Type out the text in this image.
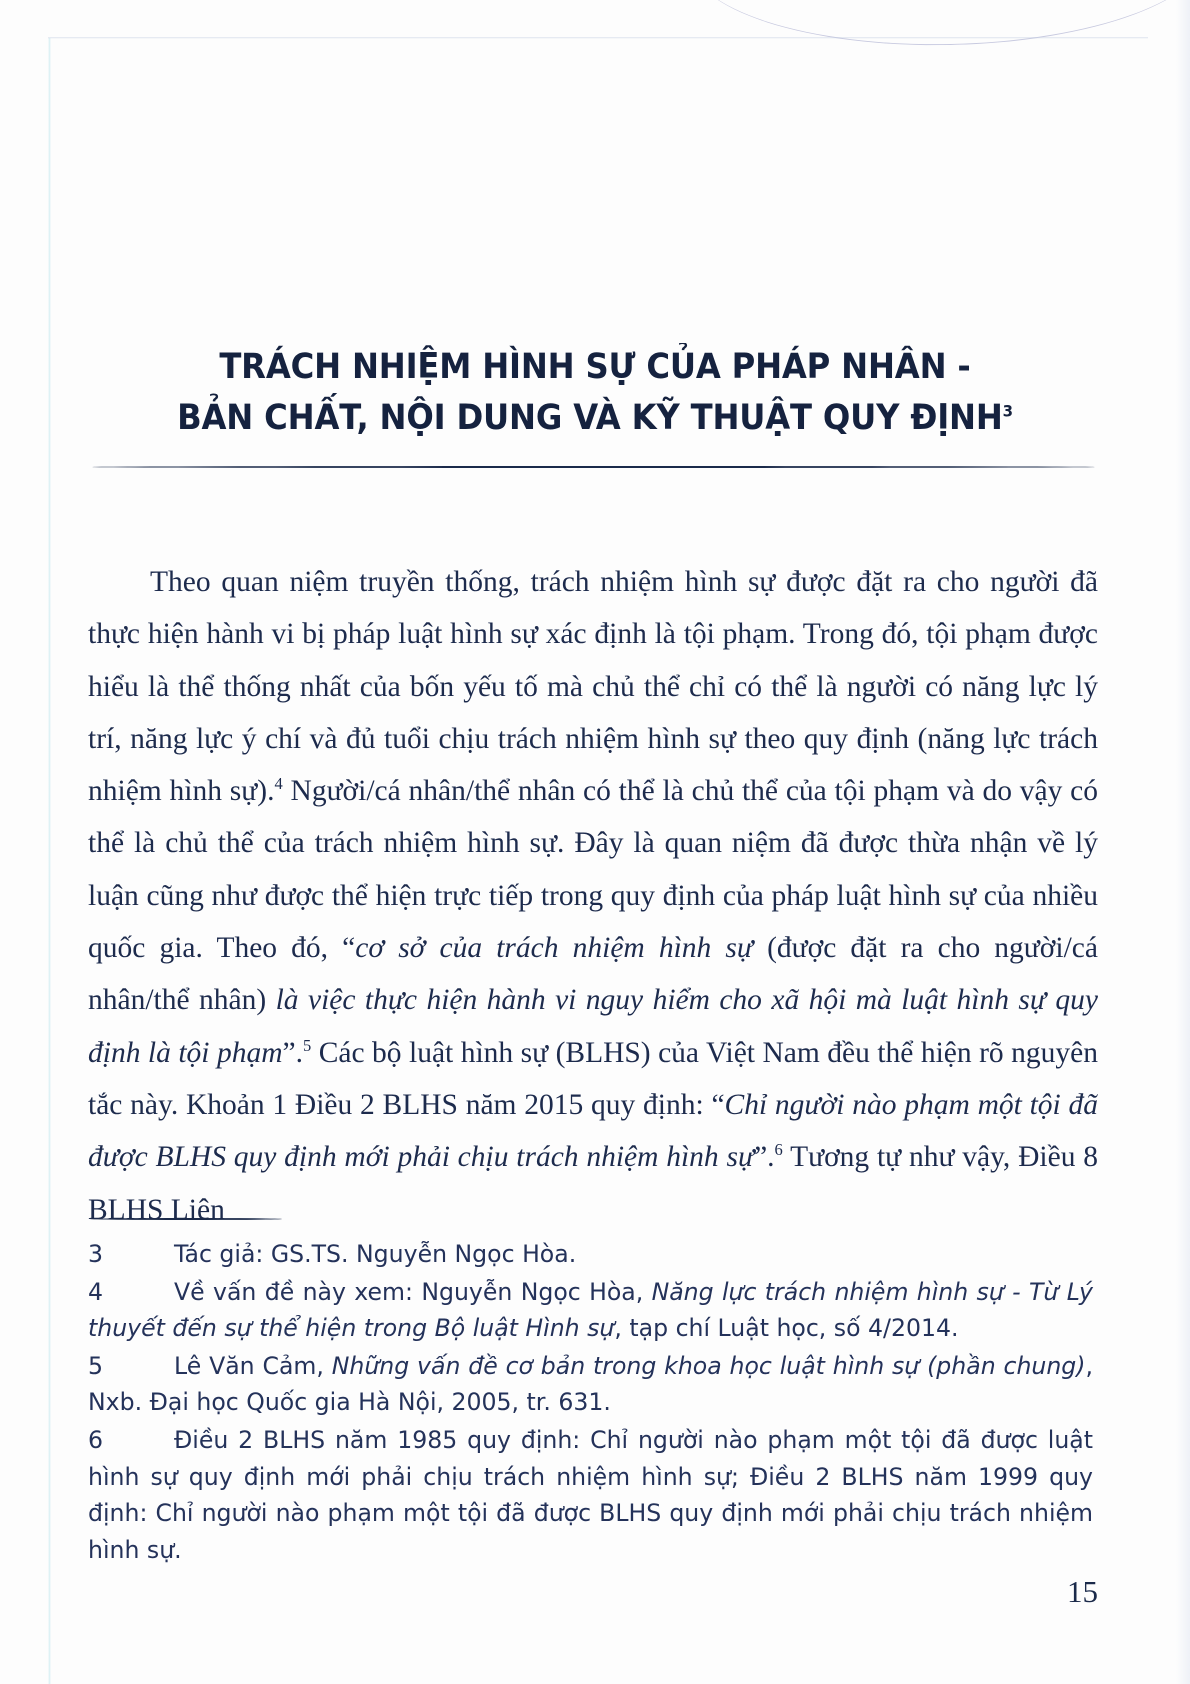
TRÁCH NHIỆM HÌNH SỰ CỦA PHÁP NHÂN -
BẢN CHẤT, NỘI DUNG VÀ KỸ THUẬT QUY ĐỊNH$^3$

Theo quan niệm truyền thống, trách nhiệm hình sự được đặt ra cho người đã thực hiện hành vi bị pháp luật hình sự xác định là tội phạm. Trong đó, tội phạm được hiểu là thể thống nhất của bốn yếu tố mà chủ thể chỉ có thể là người có năng lực lý trí, năng lực ý chí và đủ tuổi chịu trách nhiệm hình sự theo quy định (năng lực trách nhiệm hình sự).$^4$ Người/cá nhân/thể nhân có thể là chủ thể của tội phạm và do vậy có thể là chủ thể của trách nhiệm hình sự. Đây là quan niệm đã được thừa nhận về lý luận cũng như được thể hiện trực tiếp trong quy định của pháp luật hình sự của nhiều quốc gia. Theo đó, “cơ sở của trách nhiệm hình sự (được đặt ra cho người/cá nhân/thể nhân) là việc thực hiện hành vi nguy hiểm cho xã hội mà luật hình sự quy định là tội phạm”.$^5$ Các bộ luật hình sự (BLHS) của Việt Nam đều thể hiện rõ nguyên tắc này. Khoản 1 Điều 2 BLHS năm 2015 quy định: “Chỉ người nào phạm một tội đã được BLHS quy định mới phải chịu trách nhiệm hình sự”.$^6$ Tương tự như vậy, Điều 8 BLHS Liên

3	Tác giả: GS.TS. Nguyễn Ngọc Hòa.

4	Về vấn đề này xem: Nguyễn Ngọc Hòa, Năng lực trách nhiệm hình sự - Từ Lý thuyết đến sự thể hiện trong Bộ luật Hình sự, tạp chí Luật học, số 4/2014.

5	Lê Văn Cảm, Những vấn đề cơ bản trong khoa học luật hình sự (phần chung), Nxb. Đại học Quốc gia Hà Nội, 2005, tr. 631.

6	Điều 2 BLHS năm 1985 quy định: Chỉ người nào phạm một tội đã được luật hình sự quy định mới phải chịu trách nhiệm hình sự; Điều 2 BLHS năm 1999 quy định: Chỉ người nào phạm một tội đã được BLHS quy định mới phải chịu trách nhiệm hình sự.

15
